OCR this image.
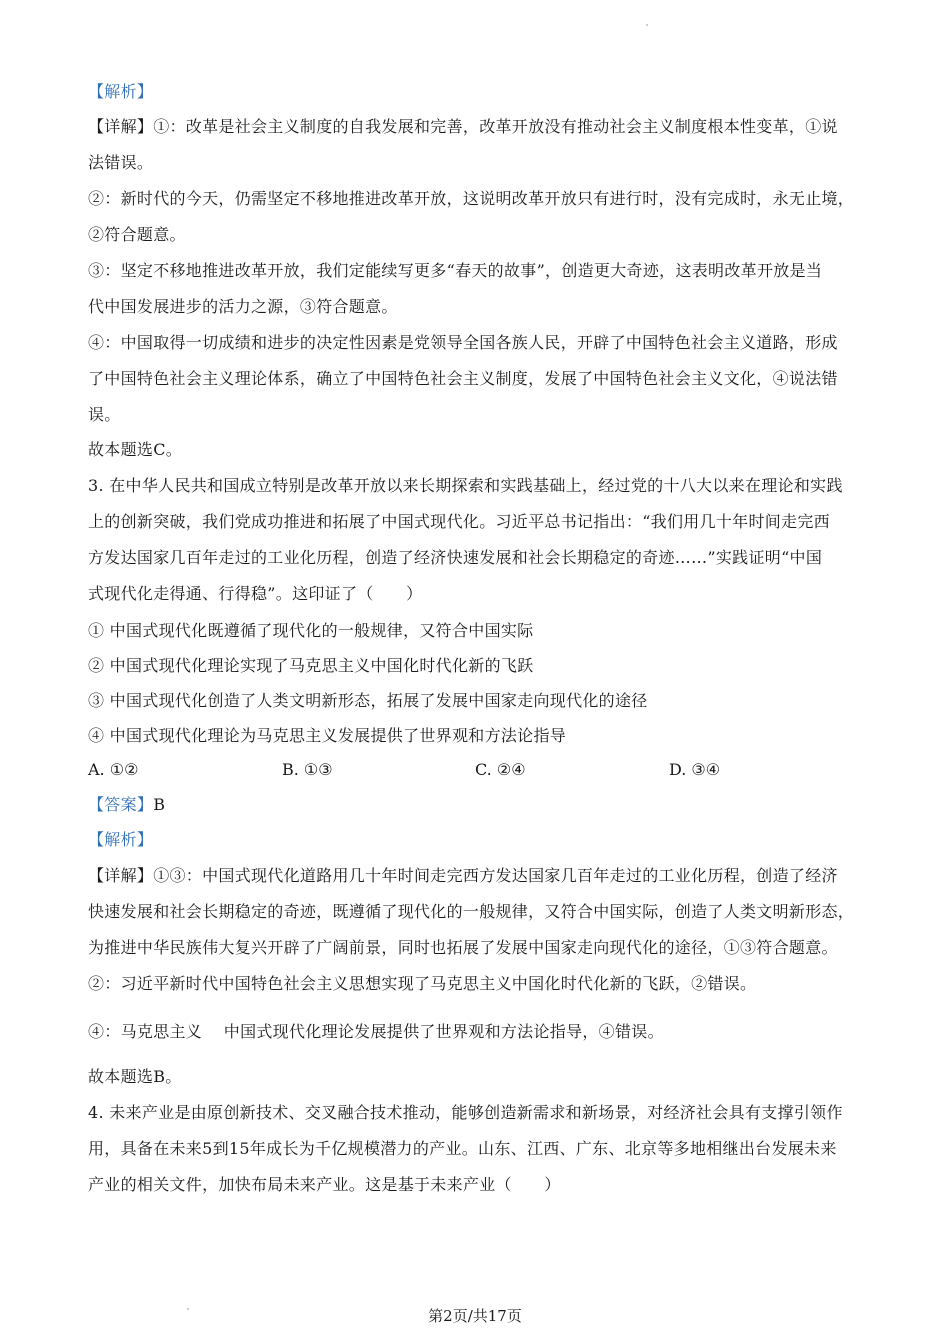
【解析】
【详解】①：改革是社会主义制度的自我发展和完善，改革开放没有推动社会主义制度根本性变革，①说
法错误。
②：新时代的今天，仍需坚定不移地推进改革开放，这说明改革开放只有进行时，没有完成时，永无止境，
②符合题意。
③：坚定不移地推进改革开放，我们定能续写更多“春天的故事”，创造更大奇迹，这表明改革开放是当
代中国发展进步的活力之源，③符合题意。
④：中国取得一切成绩和进步的决定性因素是党领导全国各族人民，开辟了中国特色社会主义道路，形成
了中国特色社会主义理论体系，确立了中国特色社会主义制度，发展了中国特色社会主义文化，④说法错
误。
故本题选C。
3. 在中华人民共和国成立特别是改革开放以来长期探索和实践基础上，经过党的十八大以来在理论和实践
上的创新突破，我们党成功推进和拓展了中国式现代化。习近平总书记指出：“我们用几十年时间走完西
方发达国家几百年走过的工业化历程，创造了经济快速发展和社会长期稳定的奇迹……”实践证明“中国
式现代化走得通、行得稳”。这印证了（　　）
① 中国式现代化既遵循了现代化的一般规律，又符合中国实际
② 中国式现代化理论实现了马克思主义中国化时代化新的飞跃
③ 中国式现代化创造了人类文明新形态，拓展了发展中国家走向现代化的途径
④ 中国式现代化理论为马克思主义发展提供了世界观和方法论指导
A. ①②	B. ①③	C. ②④	D. ③④
【答案】B
【解析】
【详解】①③：中国式现代化道路用几十年时间走完西方发达国家几百年走过的工业化历程，创造了经济
快速发展和社会长期稳定的奇迹，既遵循了现代化的一般规律，又符合中国实际，创造了人类文明新形态，
为推进中华民族伟大复兴开辟了广阔前景，同时也拓展了发展中国家走向现代化的途径，①③符合题意。
②：习近平新时代中国特色社会主义思想实现了马克思主义中国化时代化新的飞跃，②错误。
④：马克思主义　 中国式现代化理论发展提供了世界观和方法论指导，④错误。
故本题选B。
4. 未来产业是由原创新技术、交叉融合技术推动，能够创造新需求和新场景，对经济社会具有支撑引领作
用，具备在未来5到15年成长为千亿规模潜力的产业。山东、江西、广东、北京等多地相继出台发展未来
产业的相关文件，加快布局未来产业。这是基于未来产业（　　）
第2页/共17页
